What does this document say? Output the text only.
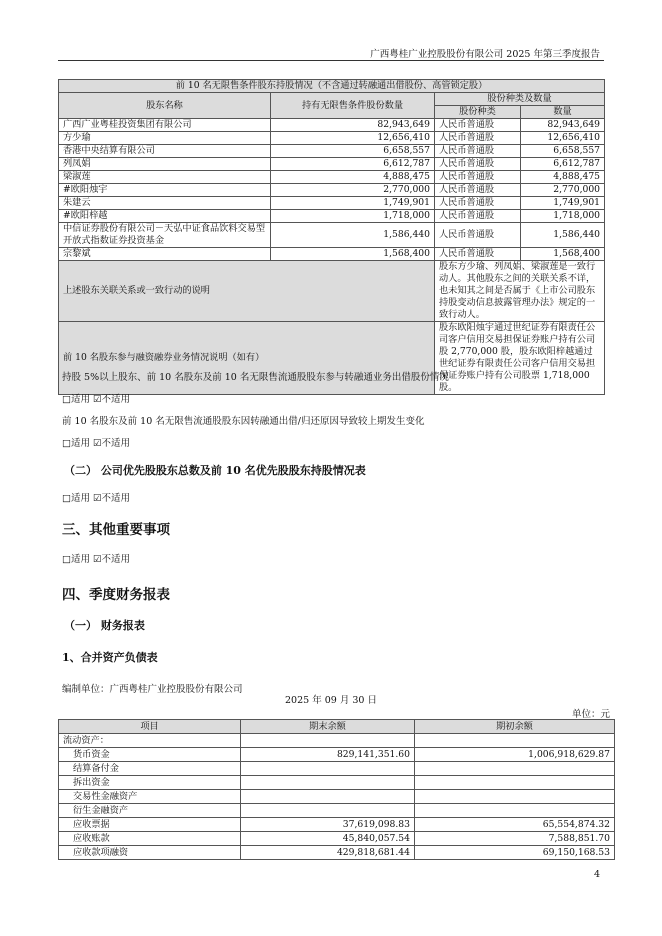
广西粤桂广业控股股份有限公司 2025 年第三季度报告
前 10 名无限售条件股东持股情况（不含通过转融通出借股份、高管锁定股）			
股东名称	持有无限售条件股份数量	股份种类及数量	
		股份种类	数量
广西广业粤桂投资集团有限公司	82,943,649	人民币普通股	82,943,649
方少瑜	12,656,410	人民币普通股	12,656,410
香港中央结算有限公司	6,658,557	人民币普通股	6,658,557
列凤娟	6,612,787	人民币普通股	6,612,787
梁淑莲	4,888,475	人民币普通股	4,888,475
#欧阳烛宇	2,770,000	人民币普通股	2,770,000
朱建云	1,749,901	人民币普通股	1,749,901
#欧阳梓越	1,718,000	人民币普通股	1,718,000
中信证券股份有限公司－天弘中证食品饮料交易型开放式指数证券投资基金	1,586,440	人民币普通股	1,586,440
宗黎斌	1,568,400	人民币普通股	1,568,400
上述股东关联关系或一致行动的说明		股东方少瑜、列凤娟、梁淑莲是一致行动人。其他股东之间的关联关系不详，也未知其之间是否属于《上市公司股东持股变动信息披露管理办法》规定的一致行动人。	
前 10 名股东参与融资融券业务情况说明（如有）		股东欧阳烛宇通过世纪证券有限责任公司客户信用交易担保证券账户持有公司股 2,770,000 股，股东欧阳梓越通过世纪证券有限责任公司客户信用交易担保证券账户持有公司股票 1,718,000 股。	
持股 5%以上股东、前 10 名股东及前 10 名无限售流通股股东参与转融通业务出借股份情况
□适用 ☑不适用
前 10 名股东及前 10 名无限售流通股股东因转融通出借/归还原因导致较上期发生变化
□适用 ☑不适用
（二） 公司优先股股东总数及前 10 名优先股股东持股情况表
□适用 ☑不适用
三、其他重要事项
□适用 ☑不适用
四、季度财务报表
（一） 财务报表
1、合并资产负债表
编制单位：广西粤桂广业控股股份有限公司
2025 年 09 月 30 日
单位：元
项目	期末余额	期初余额
流动资产：		
货币资金	829,141,351.60	1,006,918,629.87
结算备付金		
拆出资金		
交易性金融资产		
衍生金融资产		
应收票据	37,619,098.83	65,554,874.32
应收账款	45,840,057.54	7,588,851.70
应收款项融资	429,818,681.44	69,150,168.53
4
